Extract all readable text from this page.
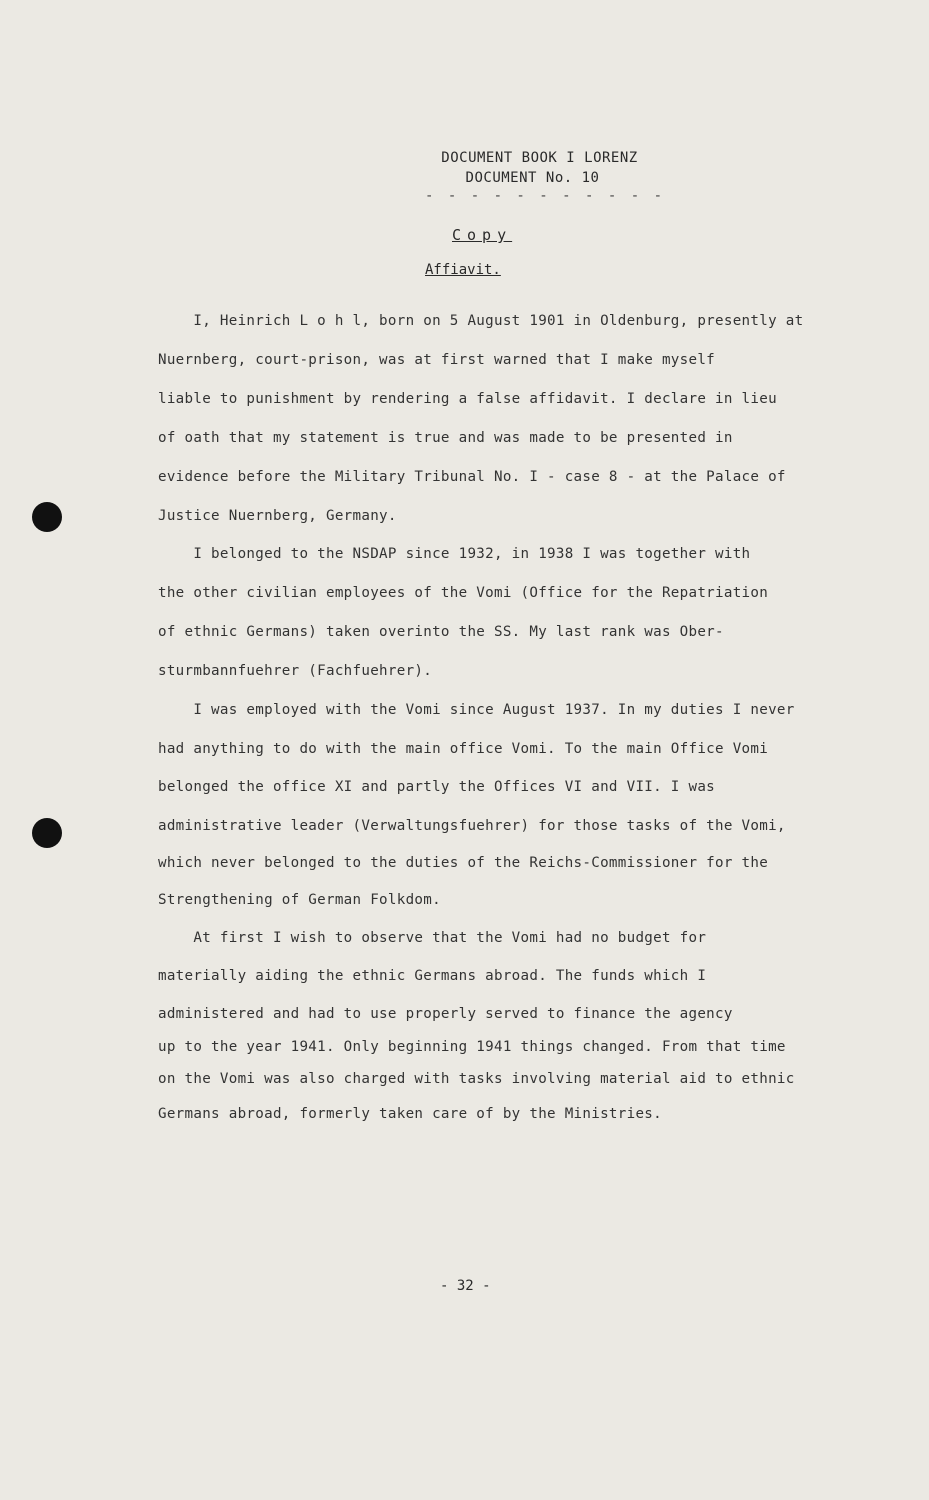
DOCUMENT BOOK I LORENZ
DOCUMENT No. 10
- - - - - - - - - - -
Copy
Affiavit.
I, Heinrich L o h l, born on 5 August 1901 in Oldenburg, presently at
Nuernberg, court-prison, was at first warned that I make myself
liable to punishment by rendering a false affidavit. I declare in lieu
of oath that my statement is true and was made to be presented in
evidence before the Military Tribunal No. I - case 8 - at the Palace of
Justice Nuernberg, Germany.
I belonged to the NSDAP since 1932, in 1938 I was together with
the other civilian employees of the Vomi (Office for the Repatriation
of ethnic Germans) taken overinto the SS. My last rank was Ober-
sturmbannfuehrer (Fachfuehrer).
I was employed with the Vomi since August 1937. In my duties I never
had anything to do with the main office Vomi. To the main Office Vomi
belonged the office XI and partly the Offices VI and VII. I was
administrative leader (Verwaltungsfuehrer) for those tasks of the Vomi,
which never belonged to the duties of the Reichs-Commissioner for the
Strengthening of German Folkdom.
At first I wish to observe that the Vomi had no budget for
materially aiding the ethnic Germans abroad. The funds which I
administered and had to use properly served to finance the agency
up to the year 1941. Only beginning 1941 things changed. From that time
on the Vomi was also charged with tasks involving material aid to ethnic
Germans abroad, formerly taken care of by the Ministries.
- 32 -
